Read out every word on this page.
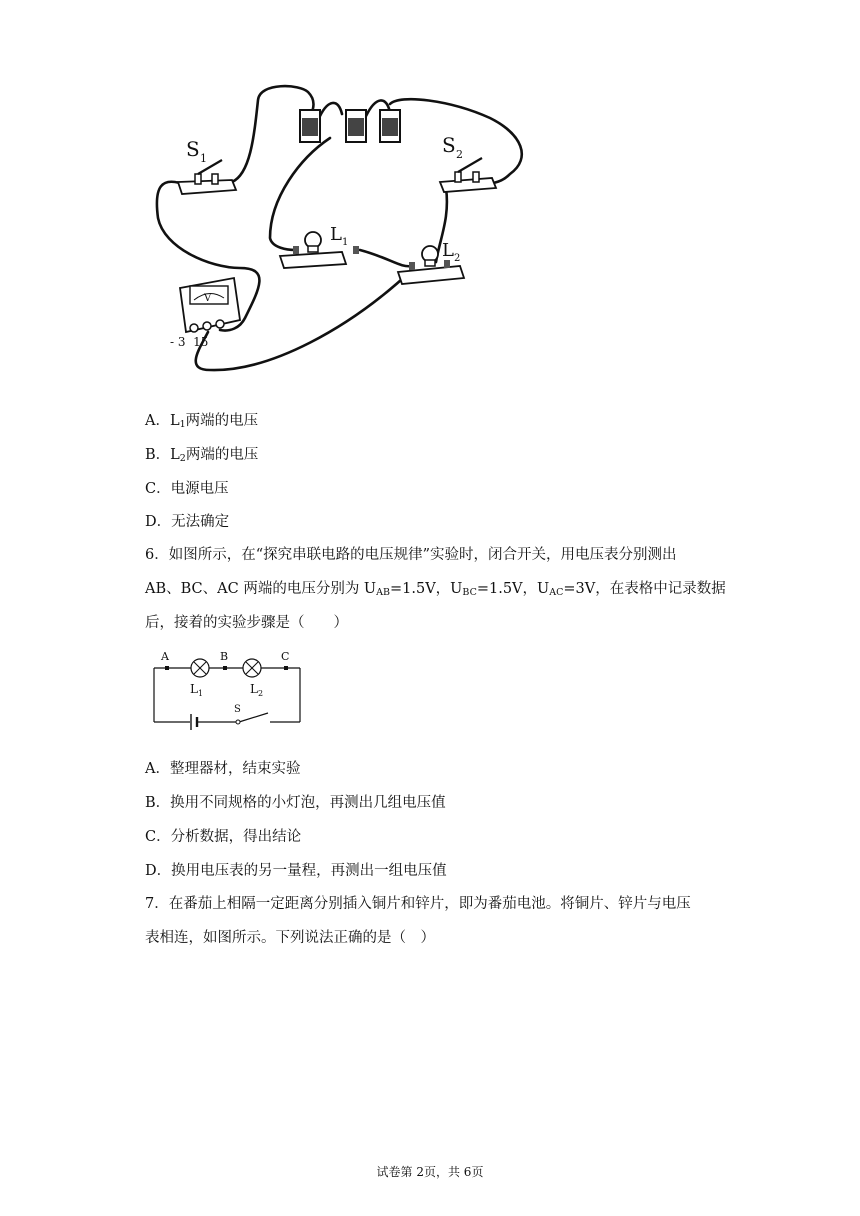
S 1
S 2
L 1	L 2
V
- 3  15
A．$L_1$两端的电压
B．$L_2$两端的电压
C．电源电压
D．无法确定
6．如图所示，在“探究串联电路的电压规律”实验时，闭合开关，用电压表分别测出
AB、BC、AC 两端的电压分别为 $U_{AB}=1.5V$，$U_{BC}=1.5V$，$U_{AC}=3V$，在表格中记录数据
后，接着的实验步骤是（　　）
A	B	C
L 1	L 2
S
A．整理器材，结束实验
B．换用不同规格的小灯泡，再测出几组电压值
C．分析数据，得出结论
D．换用电压表的另一量程，再测出一组电压值
7．在番茄上相隔一定距离分别插入铜片和锌片，即为番茄电池。将铜片、锌片与电压
表相连，如图所示。下列说法正确的是（　）
试卷第 2页，共 6页
